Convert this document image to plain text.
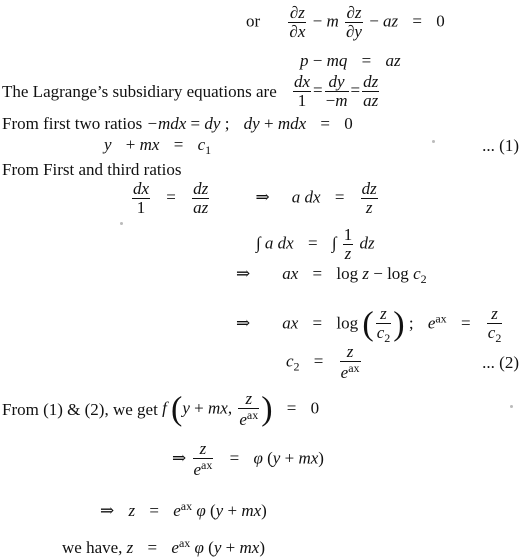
or $\frac{\partial z}{\partial x} - m \frac{\partial z}{\partial y}$ − az = 0
p − mq = az
The Lagrange’s subsidiary equations are $\frac{dx}{1} = \frac{dy}{-m} = \frac{dz}{az}$
From first two ratios −mdx = dy ; dy + mdx = 0
y + mx = $c_1$	... (1)
From First and third ratios
$\frac{dx}{1} = \frac{dz}{az}$	⇒ a dx = $\frac{dz}{z}$
∫ a dx = ∫ $\frac{1}{z}$ dz
⇒ ax = $\log z - \log c_2$
⇒ ax = log ( $\frac{z}{c_2}$ ) ; $e^{ax} = \frac{z}{c_2}$
$c_2 = \frac{z}{e^{ax}}$	... (2)
From (1) & (2), we get f (y + mx, $\frac{z}{e^{ax}}$ ) = 0
⇒ $\frac{z}{e^{ax}} = \varphi$ (y + mx)
⇒ $z = e^{ax}$ φ (y + mx)
we have, $z = e^{ax}$ φ (y + mx)
